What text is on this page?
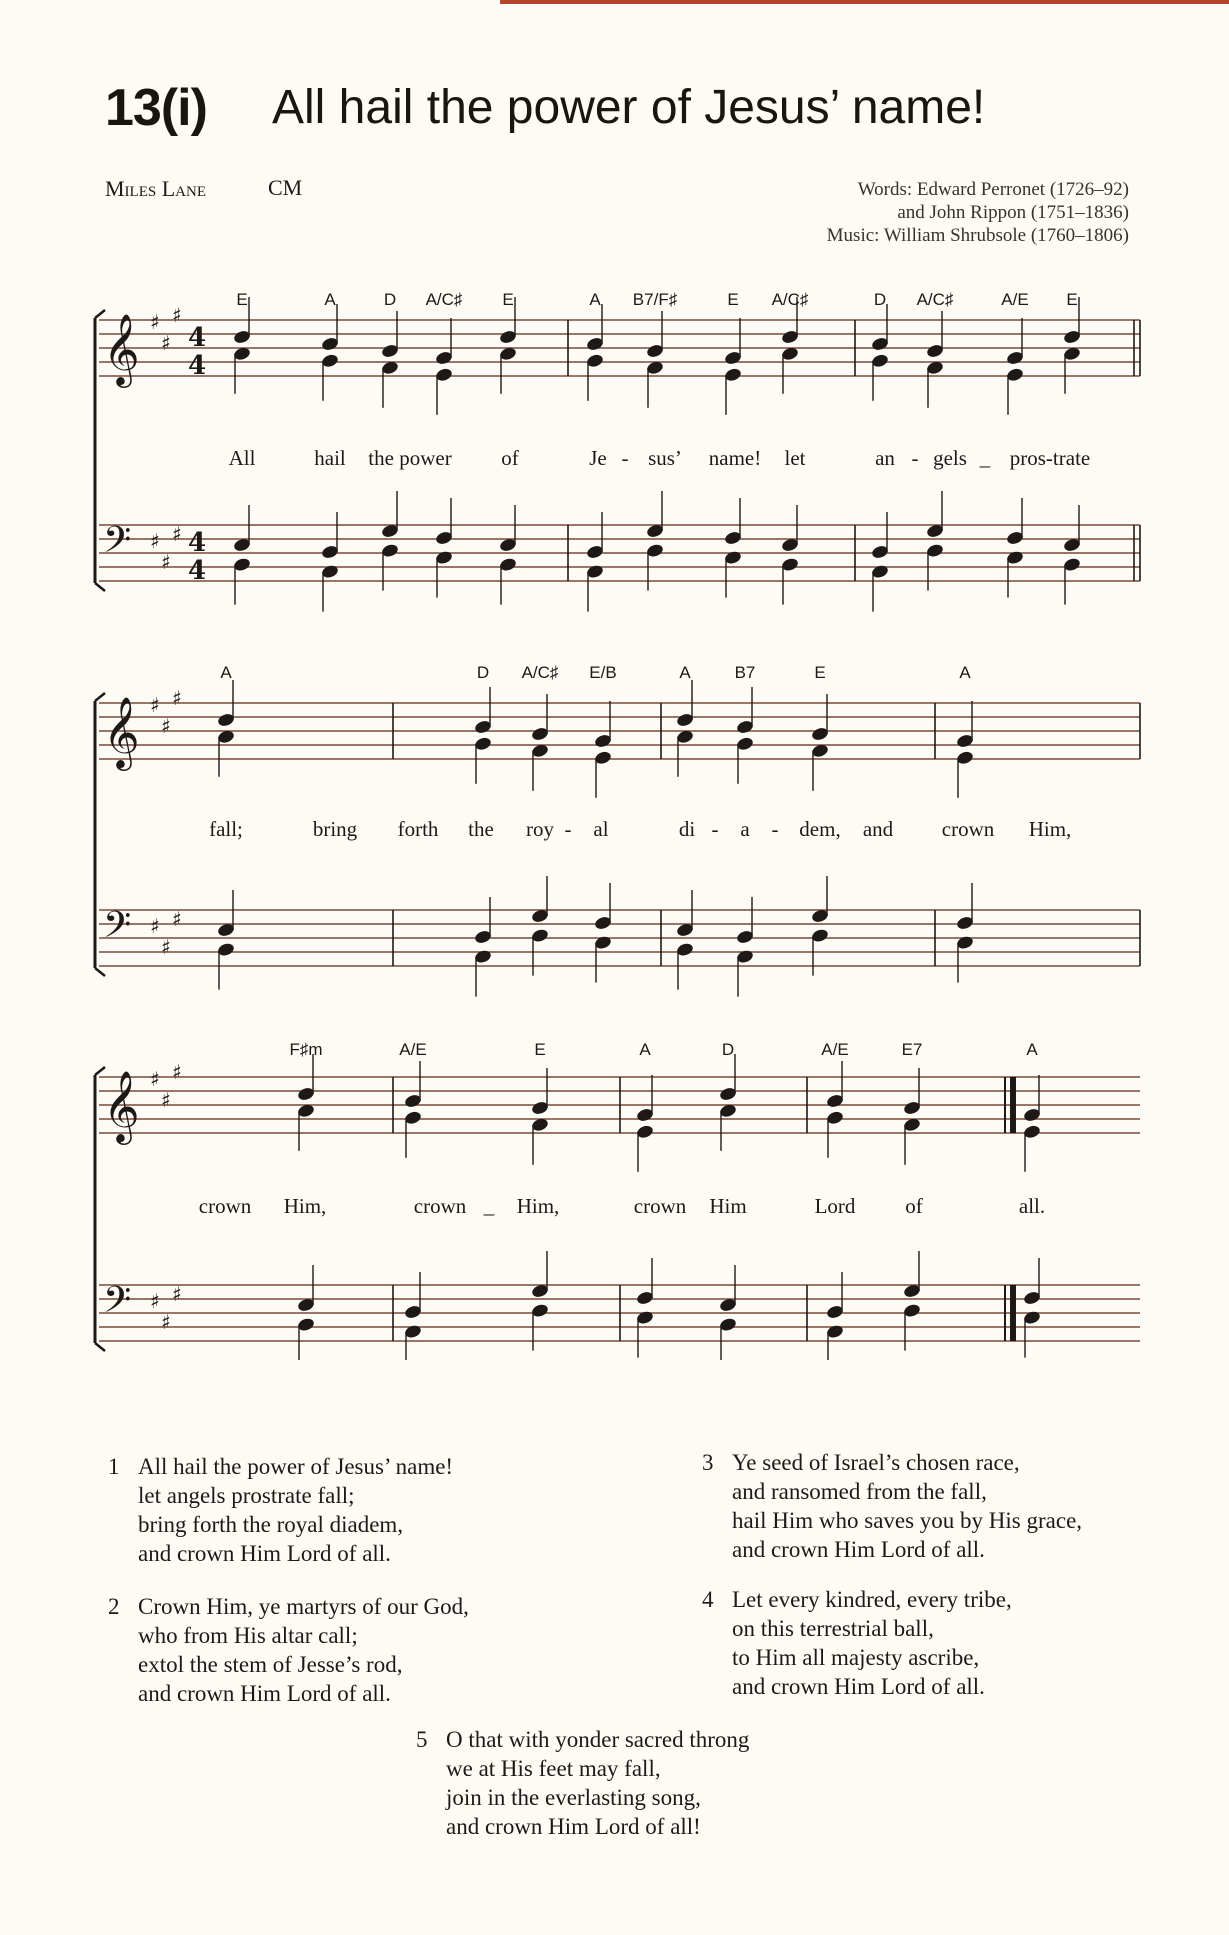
13(i) All hail the power of Jesus’ name!
Miles Lane	CM	Words: Edward Perronet (1726–92)
and John Rippon (1751–1836)
Music: William Shrubsole (1760–1806)
𝄞 ♯
♯
♯
4
4
𝄢 ♯
♯
♯ 4
4
E	A	D A/C♯ E	A B7/F♯	E A/C♯	D A/C♯	A/E E
All	hail the power of	Je - sus’ name! let	an - gels _ pros-trate
𝄞 ♯
♯
♯
𝄢 ♯
♯
♯
A	D A/C♯ E/B	A	B7	E	A
fall;	bring forth the roy - al	di - a - dem, and crown Him,
𝄞 ♯
♯
♯
𝄢 ♯
♯
♯
F♯m	A/E	E	A	D	A/E	E7	A
crown Him,	crown _ Him,	crown Him	Lord of	all.
1 All hail the power of Jesus’ name!
let angels prostrate fall;
bring forth the royal diadem,
and crown Him Lord of all.
2 Crown Him, ye martyrs of our God,
who from His altar call;
extol the stem of Jesse’s rod,
and crown Him Lord of all.
3 Ye seed of Israel’s chosen race,
and ransomed from the fall,
hail Him who saves you by His grace,
and crown Him Lord of all.
4 Let every kindred, every tribe,
on this terrestrial ball,
to Him all majesty ascribe,
and crown Him Lord of all.
5 O that with yonder sacred throng
we at His feet may fall,
join in the everlasting song,
and crown Him Lord of all!
